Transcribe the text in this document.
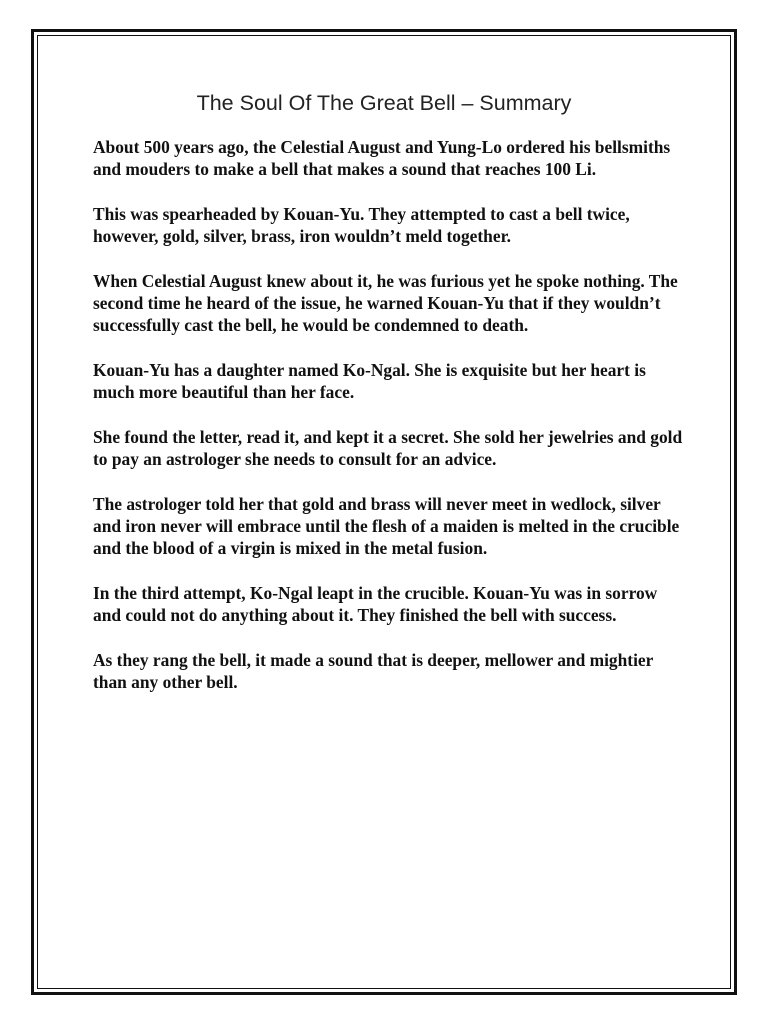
The Soul Of The Great Bell – Summary

About 500 years ago, the Celestial August and Yung-Lo ordered his bellsmiths and mouders to make a bell that makes a sound that reaches 100 Li.

This was spearheaded by Kouan-Yu. They attempted to cast a bell twice, however, gold, silver, brass, iron wouldn’t meld together.

When Celestial August knew about it, he was furious yet he spoke nothing. The second time he heard of the issue, he warned Kouan-Yu that if they wouldn’t successfully cast the bell, he would be condemned to death.

Kouan-Yu has a daughter named Ko-Ngal. She is exquisite but her heart is much more beautiful than her face.

She found the letter, read it, and kept it a secret. She sold her jewelries and gold to pay an astrologer she needs to consult for an advice.

The astrologer told her that gold and brass will never meet in wedlock, silver and iron never will embrace until the flesh of a maiden is melted in the crucible and the blood of a virgin is mixed in the metal fusion.

In the third attempt, Ko-Ngal leapt in the crucible. Kouan-Yu was in sorrow and could not do anything about it. They finished the bell with success.

As they rang the bell, it made a sound that is deeper, mellower and mightier than any other bell.
